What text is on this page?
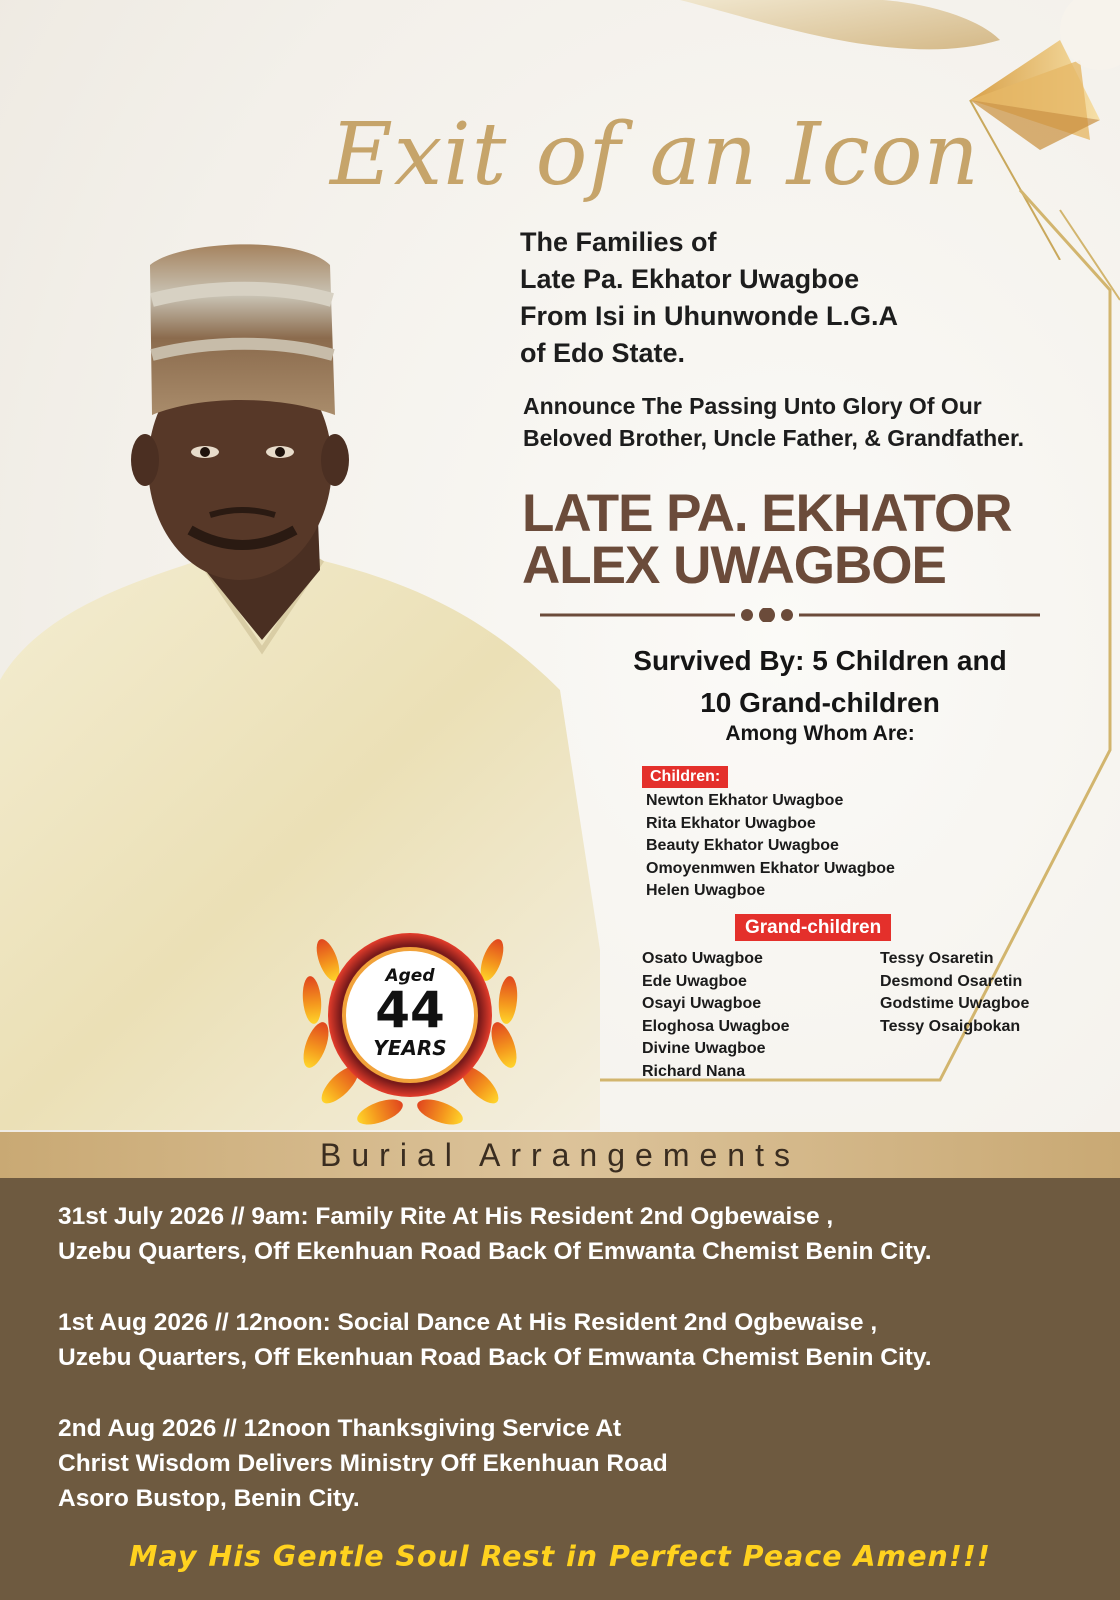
Exit of an Icon
The Families of
Late Pa. Ekhator Uwagboe
From Isi in Uhunwonde L.G.A
of Edo State.
Announce The Passing Unto Glory Of Our
Beloved Brother, Uncle Father, & Grandfather.
LATE PA. EKHATOR
ALEX UWAGBOE
Survived By: 5 Children and
10 Grand-children
Among Whom Are:
Children:
Newton Ekhator Uwagboe
Rita Ekhator Uwagboe
Beauty Ekhator Uwagboe
Omoyenmwen Ekhator Uwagboe
Helen Uwagboe
Grand-children
Osato Uwagboe
Ede Uwagboe
Osayi Uwagboe
Eloghosa Uwagboe
Divine Uwagboe
Richard Nana
Tessy Osaretin
Desmond Osaretin
Godstime Uwagboe
Tessy Osaigbokan
Aged
44
YEARS
Burial Arrangements
31st July 2026 // 9am: Family Rite At His Resident 2nd Ogbewaise ,
Uzebu Quarters, Off Ekenhuan Road Back Of Emwanta Chemist Benin City.
1st Aug 2026 // 12noon: Social Dance At His Resident 2nd Ogbewaise ,
Uzebu Quarters, Off Ekenhuan Road Back Of Emwanta Chemist Benin City.
2nd Aug 2026 // 12noon Thanksgiving Service At
Christ Wisdom Delivers Ministry Off Ekenhuan Road
Asoro Bustop, Benin City.
May His Gentle Soul Rest in Perfect Peace Amen!!!
